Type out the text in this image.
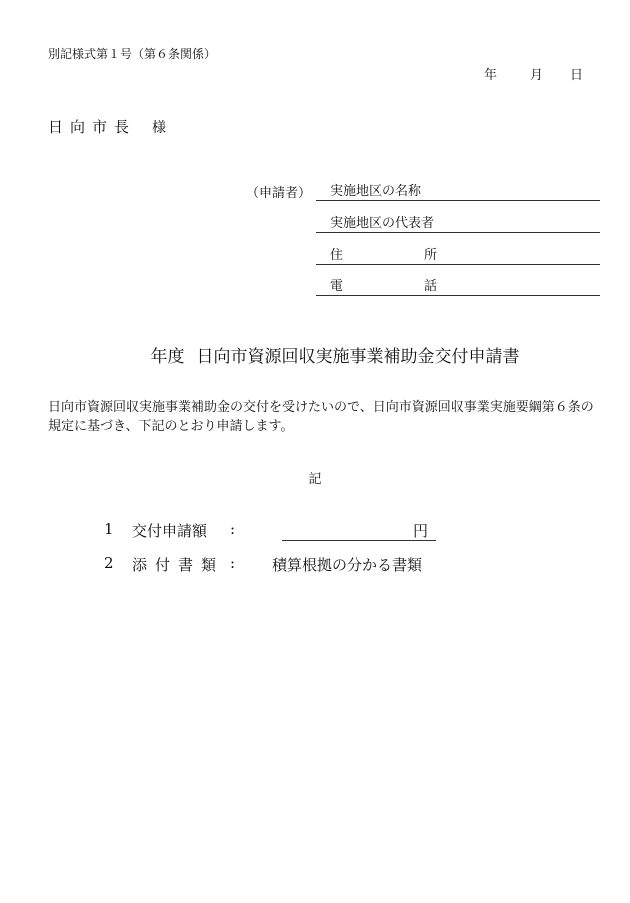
別記様式第１号（第６条関係）
年	月 日
日向市長 様
（申請者） 実施地区の名称
実施地区の代表者
住	所
電	話
年度 日向市資源回収実施事業補助金交付申請書
日向市資源回収実施事業補助金の交付を受けたいので、日向市資源回収事業実施要綱第６条の規定に基づき、下記のとおり申請します。
記
1 交付申請額 :	円
2 添付書類 : 積算根拠の分かる書類
